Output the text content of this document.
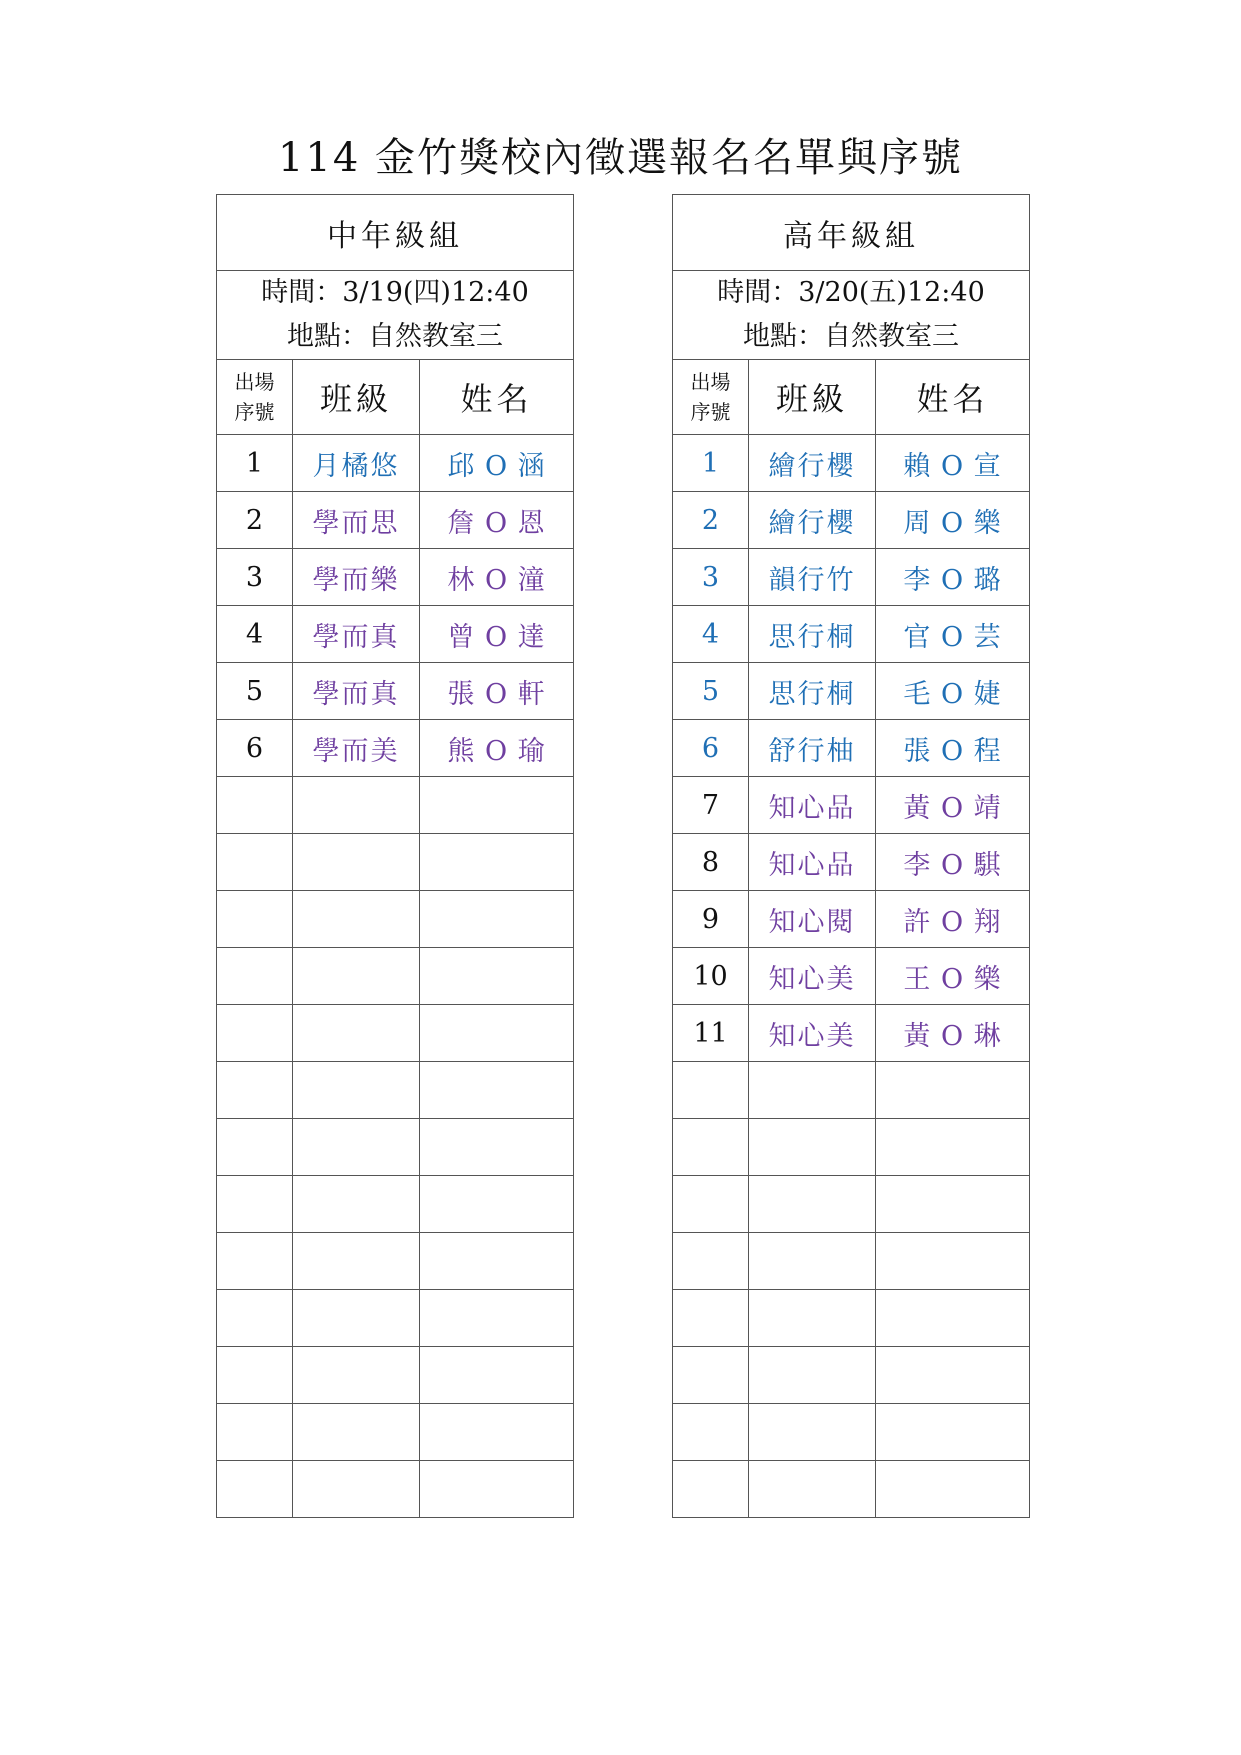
114 金竹獎校內徵選報名名單與序號
中年級組		

時間：3/19(四)12:40
地點：自然教室三		

出場
序號	班級	姓名
1	月橘悠	邱 O 涵
2	學而思	詹 O 恩
3	學而樂	林 O 潼
4	學而真	曾 O 達
5	學而真	張 O 軒
6	學而美	熊 O 瑜

高年級組		

時間：3/20(五)12:40
地點：自然教室三		

出場
序號	班級	姓名
1	繪行櫻	賴 O 宣
2	繪行櫻	周 O 樂
3	韻行竹	李 O 璐
4	思行桐	官 O 芸
5	思行桐	毛 O 婕
6	舒行柚	張 O 程
7	知心品	黃 O 靖
8	知心品	李 O 騏
9	知心閱	許 O 翔
10	知心美	王 O 樂
11	知心美	黃 O 琳
